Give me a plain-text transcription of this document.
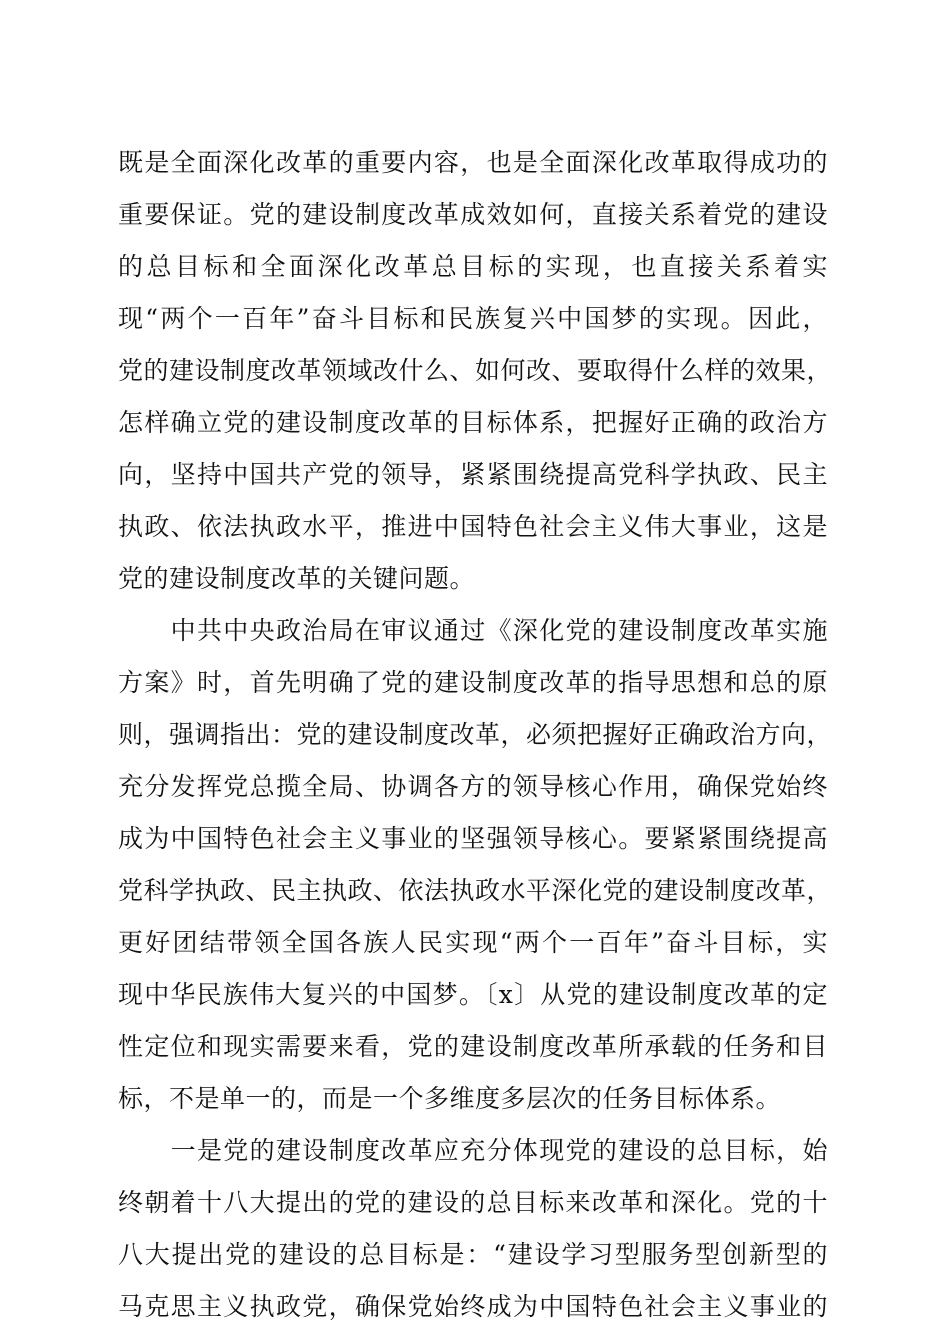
既是全面深化改革的重要内容，也是全面深化改革取得成功的
重要保证。党的建设制度改革成效如何，直接关系着党的建设
的总目标和全面深化改革总目标的实现，也直接关系着实
现“两个一百年”奋斗目标和民族复兴中国梦的实现。因此，
党的建设制度改革领域改什么、如何改、要取得什么样的效果，
怎样确立党的建设制度改革的目标体系，把握好正确的政治方
向，坚持中国共产党的领导，紧紧围绕提高党科学执政、民主
执政、依法执政水平，推进中国特色社会主义伟大事业，这是
党的建设制度改革的关键问题。
　　中共中央政治局在审议通过《深化党的建设制度改革实施
方案》时，首先明确了党的建设制度改革的指导思想和总的原
则，强调指出：党的建设制度改革，必须把握好正确政治方向，
充分发挥党总揽全局、协调各方的领导核心作用，确保党始终
成为中国特色社会主义事业的坚强领导核心。要紧紧围绕提高
党科学执政、民主执政、依法执政水平深化党的建设制度改革，
更好团结带领全国各族人民实现“两个一百年”奋斗目标，实
现中华民族伟大复兴的中国梦。〔x〕从党的建设制度改革的定
性定位和现实需要来看，党的建设制度改革所承载的任务和目
标，不是单一的，而是一个多维度多层次的任务目标体系。
　　一是党的建设制度改革应充分体现党的建设的总目标，始
终朝着十八大提出的党的建设的总目标来改革和深化。党的十
八大提出党的建设的总目标是：“建设学习型服务型创新型的
马克思主义执政党，确保党始终成为中国特色社会主义事业的
